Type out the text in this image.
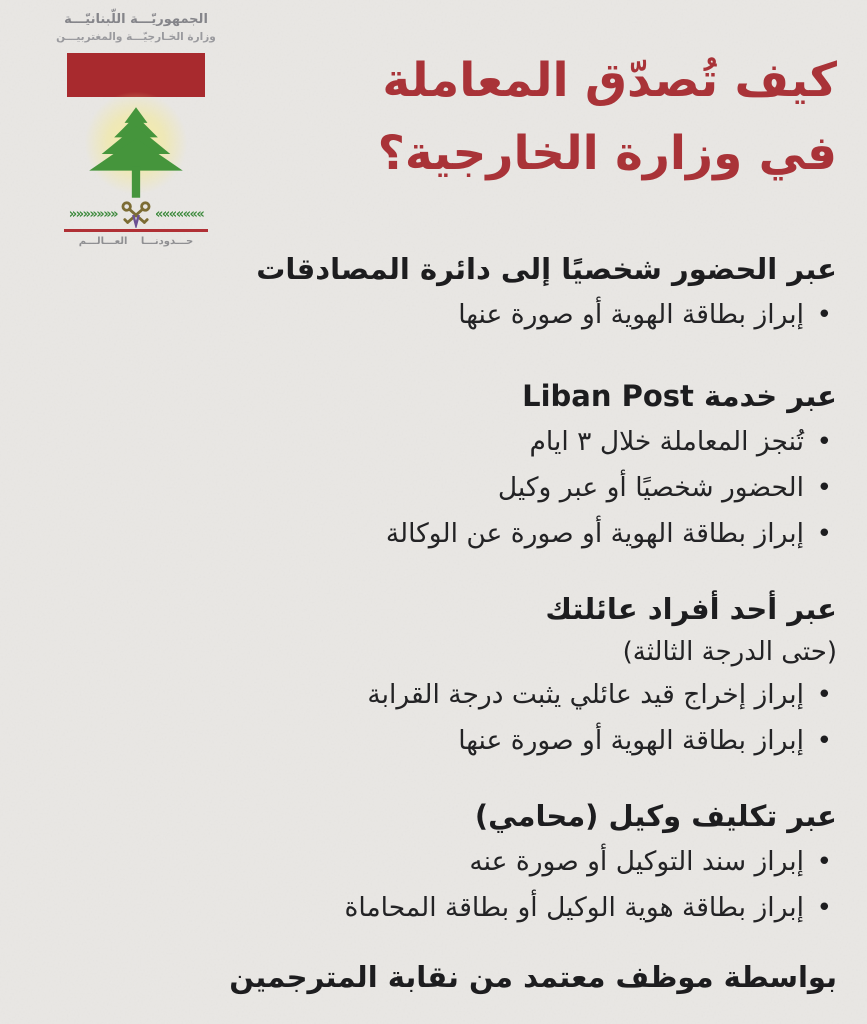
الجمهوريّـــة اللّبنانيّـــة
وزارة الخـارجيّـــة والمغتربيـــن
»»»»»»»	«««««««
حـــدودنـــا العـــالـــم
كيف تُصدّق المعاملة
في وزارة الخارجية؟
عبر الحضور شخصيًا إلى دائرة المصادقات
•
إبراز بطاقة الهوية أو صورة عنها
عبر خدمة Liban Post
•
تُنجز المعاملة خلال ٣ ايام
•
الحضور شخصيًا أو عبر وكيل
•
إبراز بطاقة الهوية أو صورة عن الوكالة
عبر أحد أفراد عائلتك
(حتى الدرجة الثالثة)
•
إبراز إخراج قيد عائلي يثبت درجة القرابة
•
إبراز بطاقة الهوية أو صورة عنها
عبر تكليف وكيل (محامي)
•
إبراز سند التوكيل أو صورة عنه
•
إبراز بطاقة هوية الوكيل أو بطاقة المحاماة
بواسطة موظف معتمد من نقابة المترجمين
